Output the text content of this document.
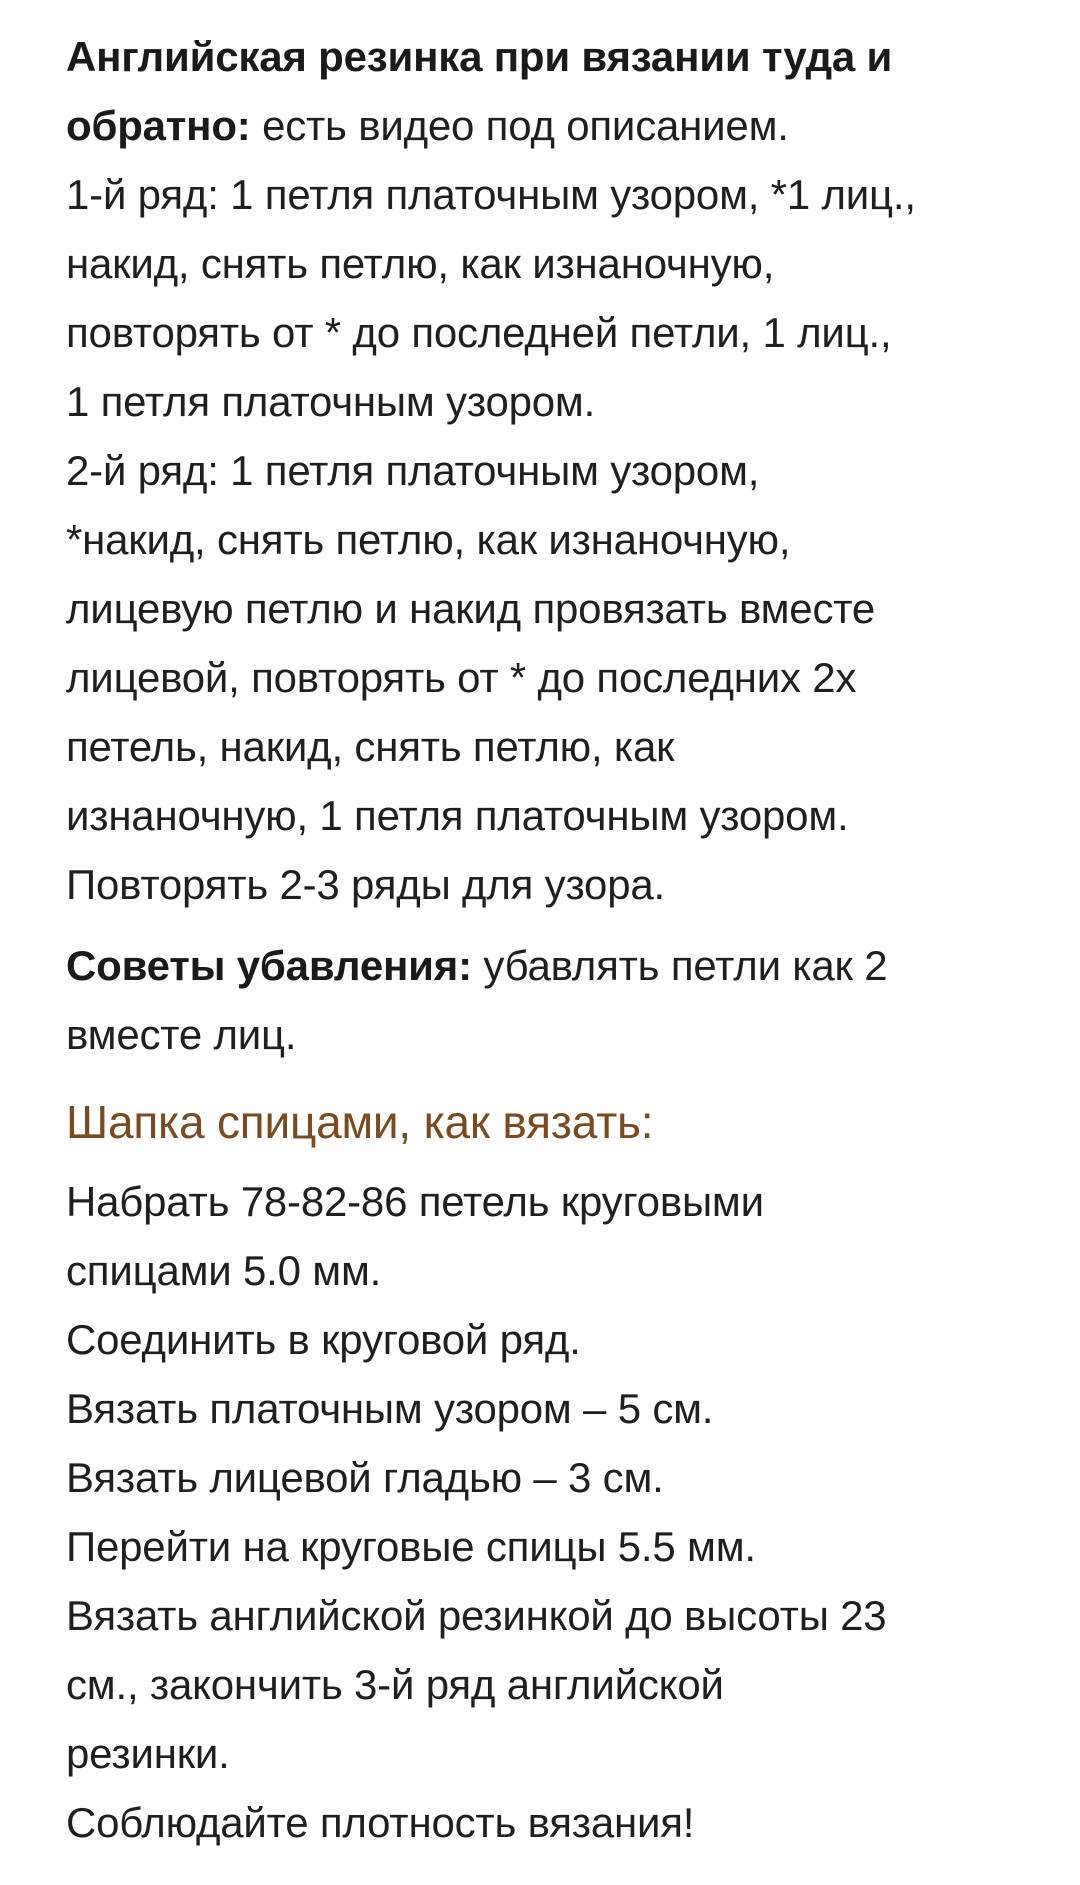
Английская резинка при вязании туда и обратно: есть видео под описанием.

1-й ряд: 1 петля платочным узором, *1 лиц.,
накид, снять петлю, как изнаночную,
повторять от * до последней петли, 1 лиц.,
1 петля платочным узором.
2-й ряд: 1 петля платочным узором,
*накид, снять петлю, как изнаночную,
лицевую петлю и накид провязать вместе
лицевой, повторять от * до последних 2х
петель, накид, снять петлю, как
изнаночную, 1 петля платочным узором.
Повторять 2-3 ряды для узора.

Советы убавления: убавлять петли как 2 вместе лиц.

Шапка спицами, как вязать:

Набрать 78-82-86 петель круговыми
спицами 5.0 мм.
Соединить в круговой ряд.
Вязать платочным узором – 5 см.
Вязать лицевой гладью – 3 см.
Перейти на круговые спицы 5.5 мм.
Вязать английской резинкой до высоты 23
см., закончить 3-й ряд английской
резинки.
Соблюдайте плотность вязания!
